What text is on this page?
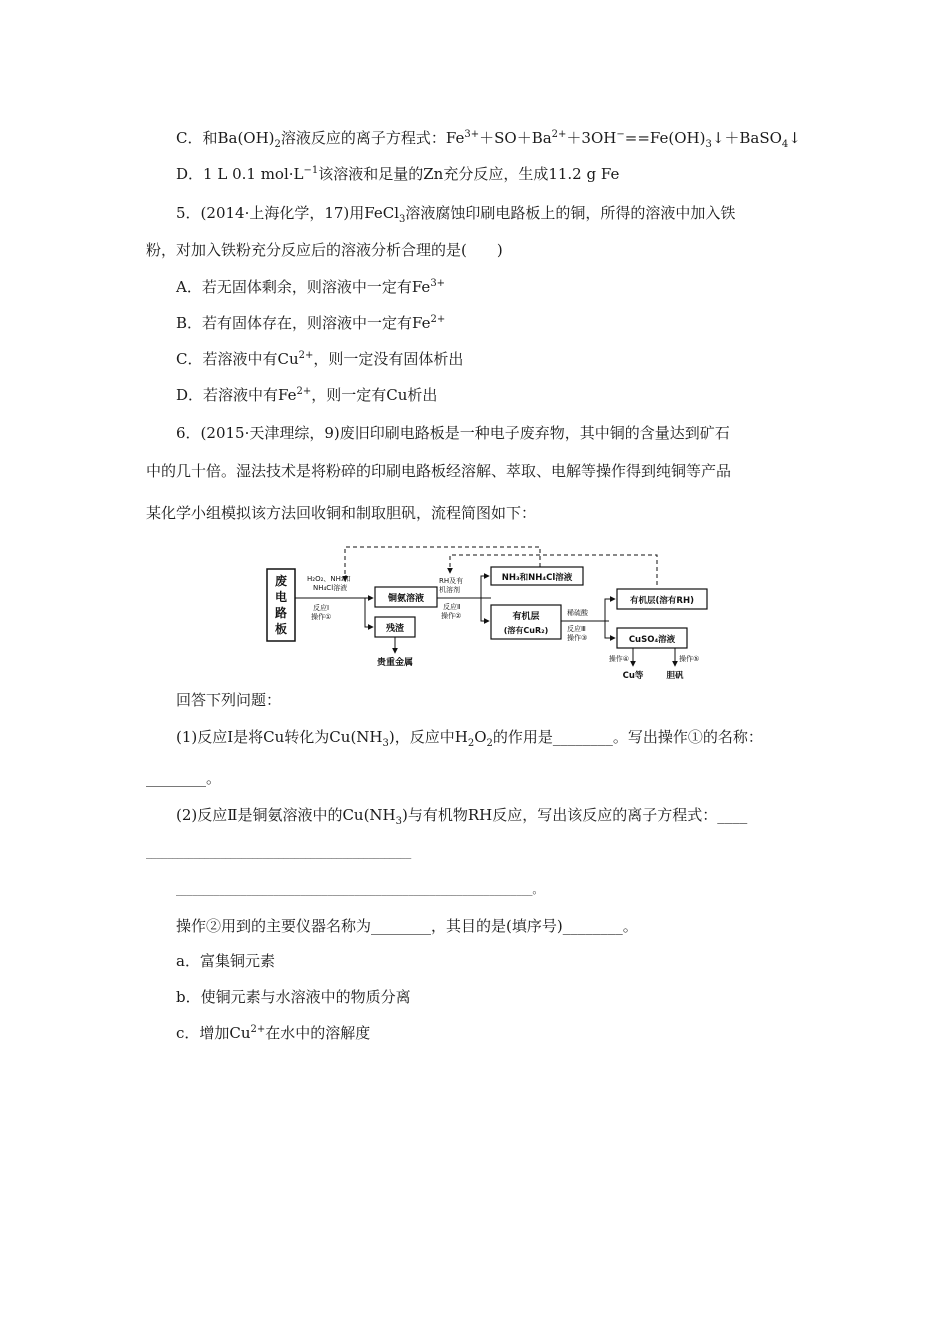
C．和$Ba(OH)_2$溶液反应的离子方程式：$Fe^{3+}+SO+Ba^{2+}+3OH^-==Fe(OH)_3↓+BaSO_4↓$
D．1 L 0.1 $mol\cdot L^{-1}$该溶液和足量的Zn充分反应，生成11.2 g Fe
5．(2014·上海化学，17)用FeCl$_3$溶液腐蚀印刷电路板上的铜，所得的溶液中加入铁
粉，对加入铁粉充分反应后的溶液分析合理的是(　　)
A．若无固体剩余，则溶液中一定有$Fe^{3+}$
B．若有固体存在，则溶液中一定有$Fe^{2+}$
C．若溶液中有$Cu^{2+}$，则一定没有固体析出
D．若溶液中有$Fe^{2+}$，则一定有Cu析出
6．(2015·天津理综，9)废旧印刷电路板是一种电子废弃物，其中铜的含量达到矿石
中的几十倍。湿法技术是将粉碎的印刷电路板经溶解、萃取、电解等操作得到纯铜等产品
某化学小组模拟该方法回收铜和制取胆矾，流程简图如下：
废
电
路
板
H₂O₂、NH₃和
NH₄Cl溶液
反应Ⅰ
操作①
铜氨溶液
残渣
贵重金属
RH及有
机溶剂
反应Ⅱ
操作②
NH₃和NH₄Cl溶液
有机层
(溶有CuR₂)
稀硫酸
反应Ⅲ
操作③
有机层(溶有RH)
CuSO₄溶液
操作④	操作⑤
Cu等	胆矾
回答下列问题：
(1)反应Ⅰ是将Cu转化为$Cu(NH_3)$，反应中$H_2O_2$的作用是________。写出操作①的名称：
________。
(2)反应Ⅱ是铜氨溶液中的$Cu(NH_3)$与有机物RH反应，写出该反应的离子方程式：____
__________________________________________________
__________________________________________________________________。
操作②用到的主要仪器名称为________，其目的是(填序号)________。
a．富集铜元素
b．使铜元素与水溶液中的物质分离
c．增加$Cu^{2+}$在水中的溶解度
